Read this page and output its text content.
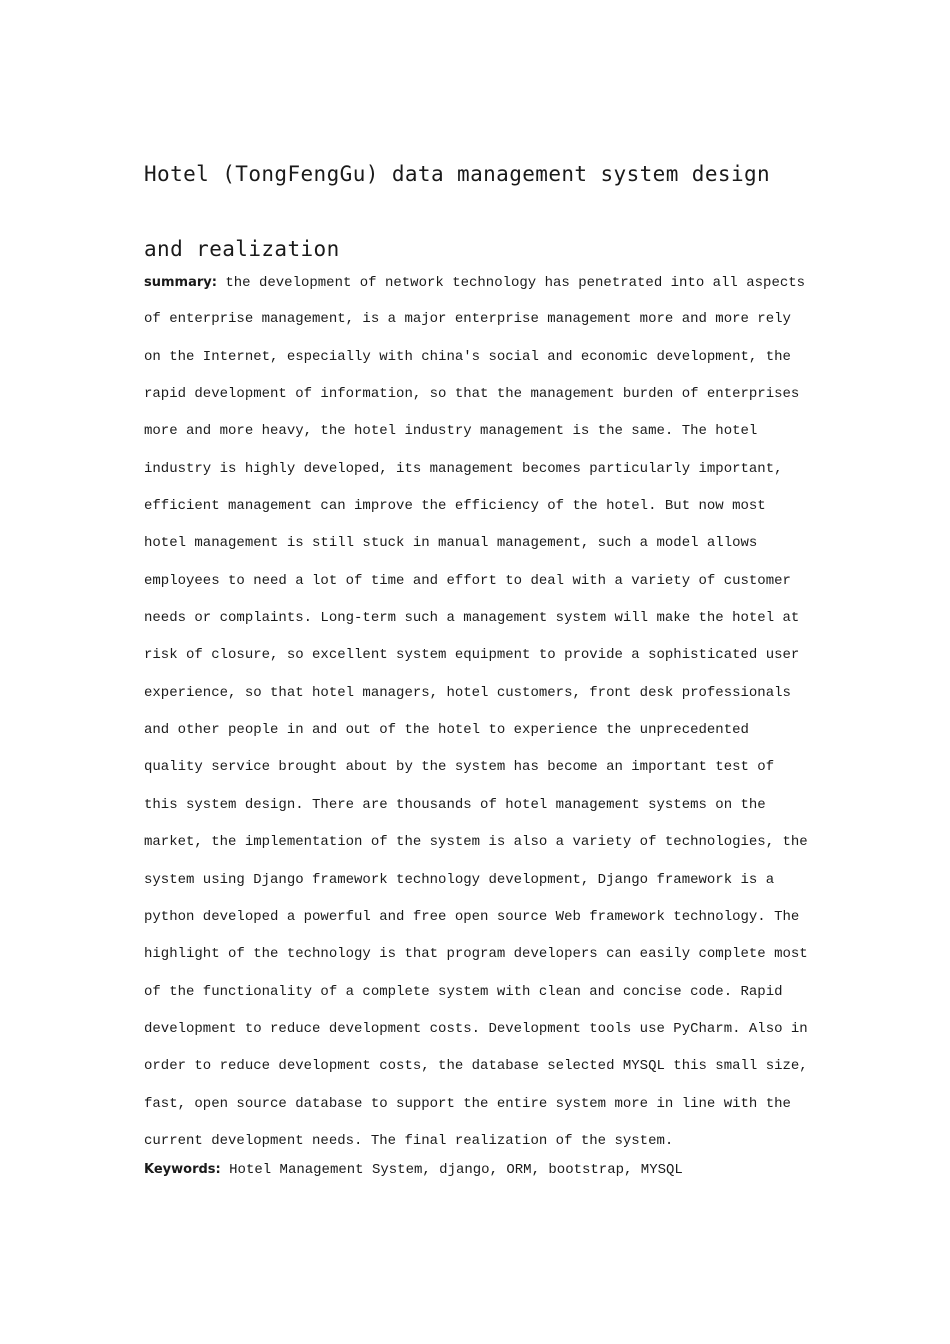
Hotel (TongFengGu) data management system design
and realization
summary: the development of network technology has penetrated into all aspects
of enterprise management, is a major enterprise management more and more rely
on the Internet, especially with china's social and economic development, the
rapid development of information, so that the management burden of enterprises
more and more heavy, the hotel industry management is the same. The hotel
industry is highly developed, its management becomes particularly important,
efficient management can improve the efficiency of the hotel. But now most
hotel management is still stuck in manual management, such a model allows
employees to need a lot of time and effort to deal with a variety of customer
needs or complaints. Long-term such a management system will make the hotel at
risk of closure, so excellent system equipment to provide a sophisticated user
experience, so that hotel managers, hotel customers, front desk professionals
and other people in and out of the hotel to experience the unprecedented
quality service brought about by the system has become an important test of
this system design. There are thousands of hotel management systems on the
market, the implementation of the system is also a variety of technologies, the
system using Django framework technology development, Django framework is a
python developed a powerful and free open source Web framework technology. The
highlight of the technology is that program developers can easily complete most
of the functionality of a complete system with clean and concise code. Rapid
development to reduce development costs. Development tools use PyCharm. Also in
order to reduce development costs, the database selected MYSQL this small size,
fast, open source database to support the entire system more in line with the
current development needs. The final realization of the system.
Keywords: Hotel Management System, django, ORM, bootstrap, MYSQL
